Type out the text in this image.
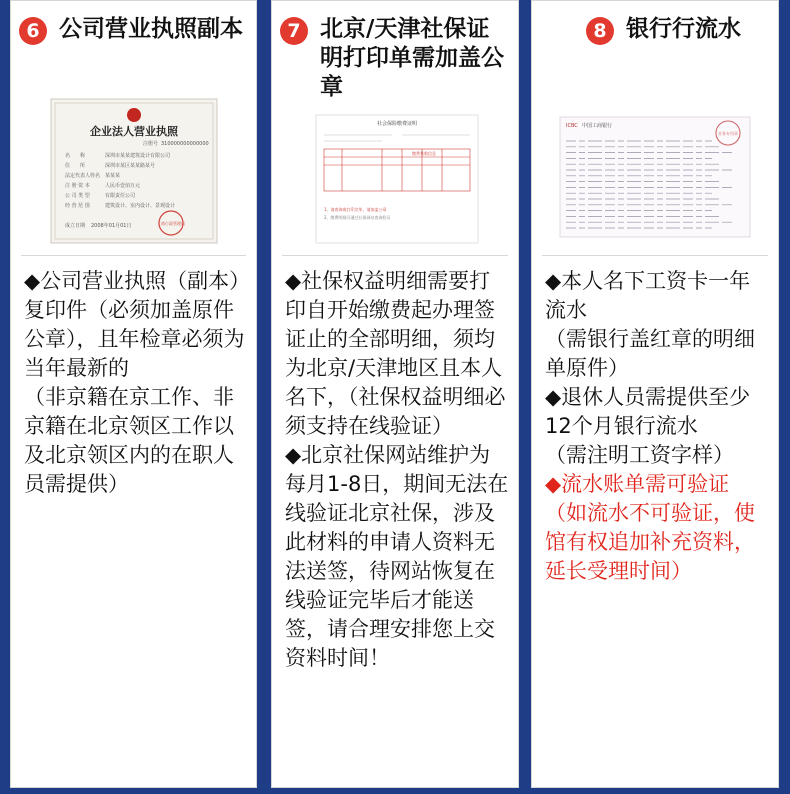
6 公司营业执照副本
企业法人营业执照
注册号 310000000000000
名　　称	深圳市某某建筑设计有限公司
住　　所	深圳市某区某某路某号
法定代表人姓名 某某某
注 册 资 本	人民币壹佰万元
公 司 类 型	有限责任公司
经 营 范 围	建筑设计、室内设计、景观设计
成立日期 2008年01月01日	工商行政管理局

◆公司营业执照（副本）复印件（必须加盖原件公章），且年检章必须为当年最新的

（非京籍在京工作、非京籍在北京领区工作以及北京领区内的在职人员需提供）

7 北京/天津社保证明打印单需加盖公章
社会保险缴费证明
缴费基数信息
1、请查询或打印完毕，请加盖公章
2、缴费明细可通过社保网站查询验证

◆社保权益明细需要打印自开始缴费起办理签证止的全部明细，须均为北京/天津地区且本人名下，（社保权益明细必须支持在线验证）

◆北京社保网站维护为每月1-8日，期间无法在线验证北京社保，涉及此材料的申请人资料无法送签，待网站恢复在线验证完毕后才能送签，请合理安排您上交资料时间！

8 银行行流水
ICBC 中国工商银行
业务专用章

◆本人名下工资卡一年流水

（需银行盖红章的明细单原件）

◆退休人员需提供至少12个月银行流水

（需注明工资字样）

◆流水账单需可验证

（如流水不可验证，使馆有权追加补充资料，延长受理时间）
